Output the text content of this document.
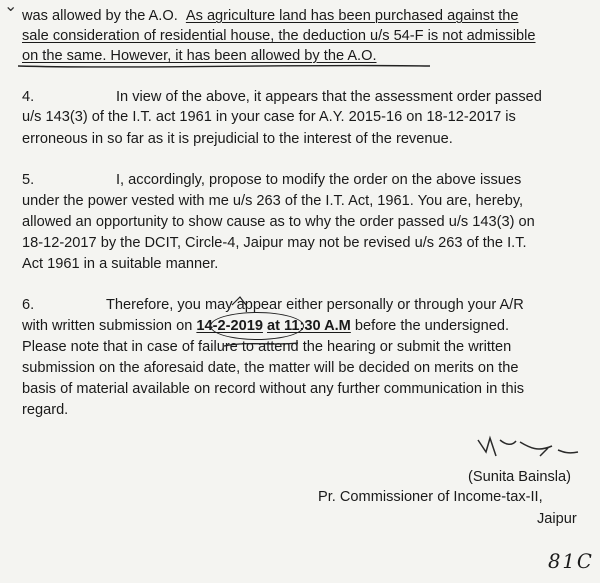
⌄
was allowed by the A.O. As agriculture land has been purchased against the
sale consideration of residential house, the deduction u/s 54-F is not admissible
on the same. However, it has been allowed by the A.O.
4.	In view of the above, it appears that the assessment order passed
u/s 143(3) of the I.T. act 1961 in your case for A.Y. 2015-16 on 18-12-2017 is
erroneous in so far as it is prejudicial to the interest of the revenue.
5.	I, accordingly, propose to modify the order on the above issues
under the power vested with me u/s 263 of the I.T. Act, 1961. You are, hereby,
allowed an opportunity to show cause as to why the order passed u/s 143(3) on
18-12-2017 by the DCIT, Circle-4, Jaipur may not be revised u/s 263 of the I.T.
Act 1961 in a suitable manner.
6.	Therefore, you may appear either personally or through your A/R
with written submission on 14-2-2019 at 11:30 A.M before the undersigned.
Please note that in case of failure to attend the hearing or submit the written
submission on the aforesaid date, the matter will be decided on merits on the
basis of material available on record without any further communication in this
regard.
(Sunita Bainsla)
Pr. Commissioner of Income-tax-II,
Jaipur
81C
